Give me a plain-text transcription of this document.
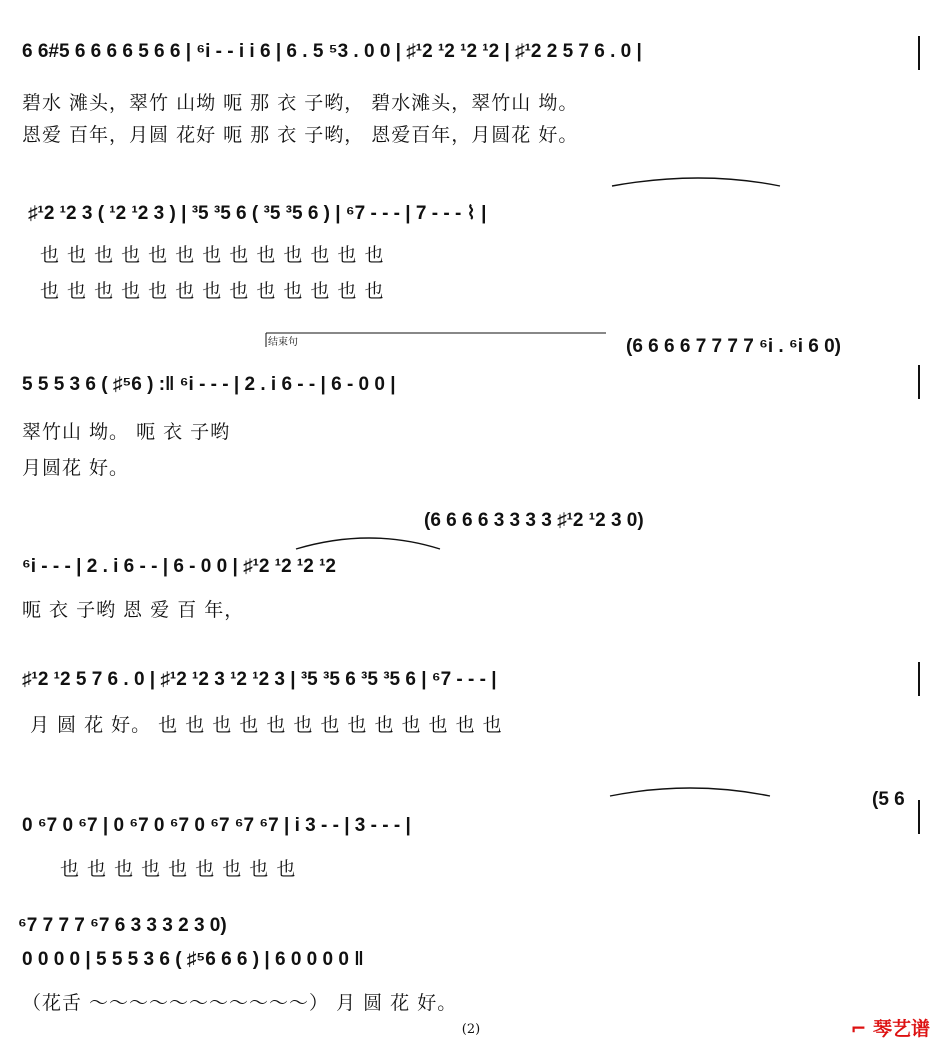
6 6#5 6 6 6 6 5 6 6 | ⁶i - - i i 6 | 6 . 5 ⁵3 . 0 0 | ♯¹2 ¹2 ¹2 ¹2 | ♯¹2 2 5 7 6 . 0 |
碧水 滩头，翠竹 山坳 呃 那 衣 子哟， 碧水滩头，翠竹山 坳。
恩爱 百年，月圆 花好 呃 那 衣 子哟， 恩爱百年，月圆花 好。
♯¹2 ¹2 3 ( ¹2 ¹2 3 ) | ³5 ³5 6 ( ³5 ³5 6 ) | ⁶7 - - - | 7 - - - ⌇ |
也 也 也 也 也 也 也 也 也 也 也 也 也
也 也 也 也 也 也 也 也 也 也 也 也 也
结束句	(6 6 6 6 7 7 7 7 ⁶i . ⁶i 6 0)
5 5 5 3 6 ( ♯⁵6 ) :‖ ⁶i - - - | 2 . i 6 - - | 6 - 0 0 |
翠竹山 坳。 呃 衣 子哟
月圆花 好。
(6 6 6 6 3 3 3 3 ♯¹2 ¹2 3 0)
⁶i - - - | 2 . i 6 - - | 6 - 0 0 | ♯¹2 ¹2 ¹2 ¹2
呃 衣 子哟 恩 爱 百 年，
♯¹2 ¹2 5 7 6 . 0 | ♯¹2 ¹2 3 ¹2 ¹2 3 | ³5 ³5 6 ³5 ³5 6 | ⁶7 - - - |
月 圆 花 好。 也 也 也 也 也 也 也 也 也 也 也 也 也
(5 6
0 ⁶7 0 ⁶7 | 0 ⁶7 0 ⁶7 0 ⁶7 ⁶7 ⁶7 | i 3 - - | 3 - - - |
也 也 也 也 也 也 也 也 也
⁶7 7 7 7 ⁶7 6 3 3 3 2 3 0)
0 0 0 0 | 5 5 5 3 6 ( ♯⁵6 6 6 ) | 6 0 0 0 0 ‖
（花舌 ～～～～～～～～～～～） 月 圆 花 好。
(2)	⌐ 琴艺谱
